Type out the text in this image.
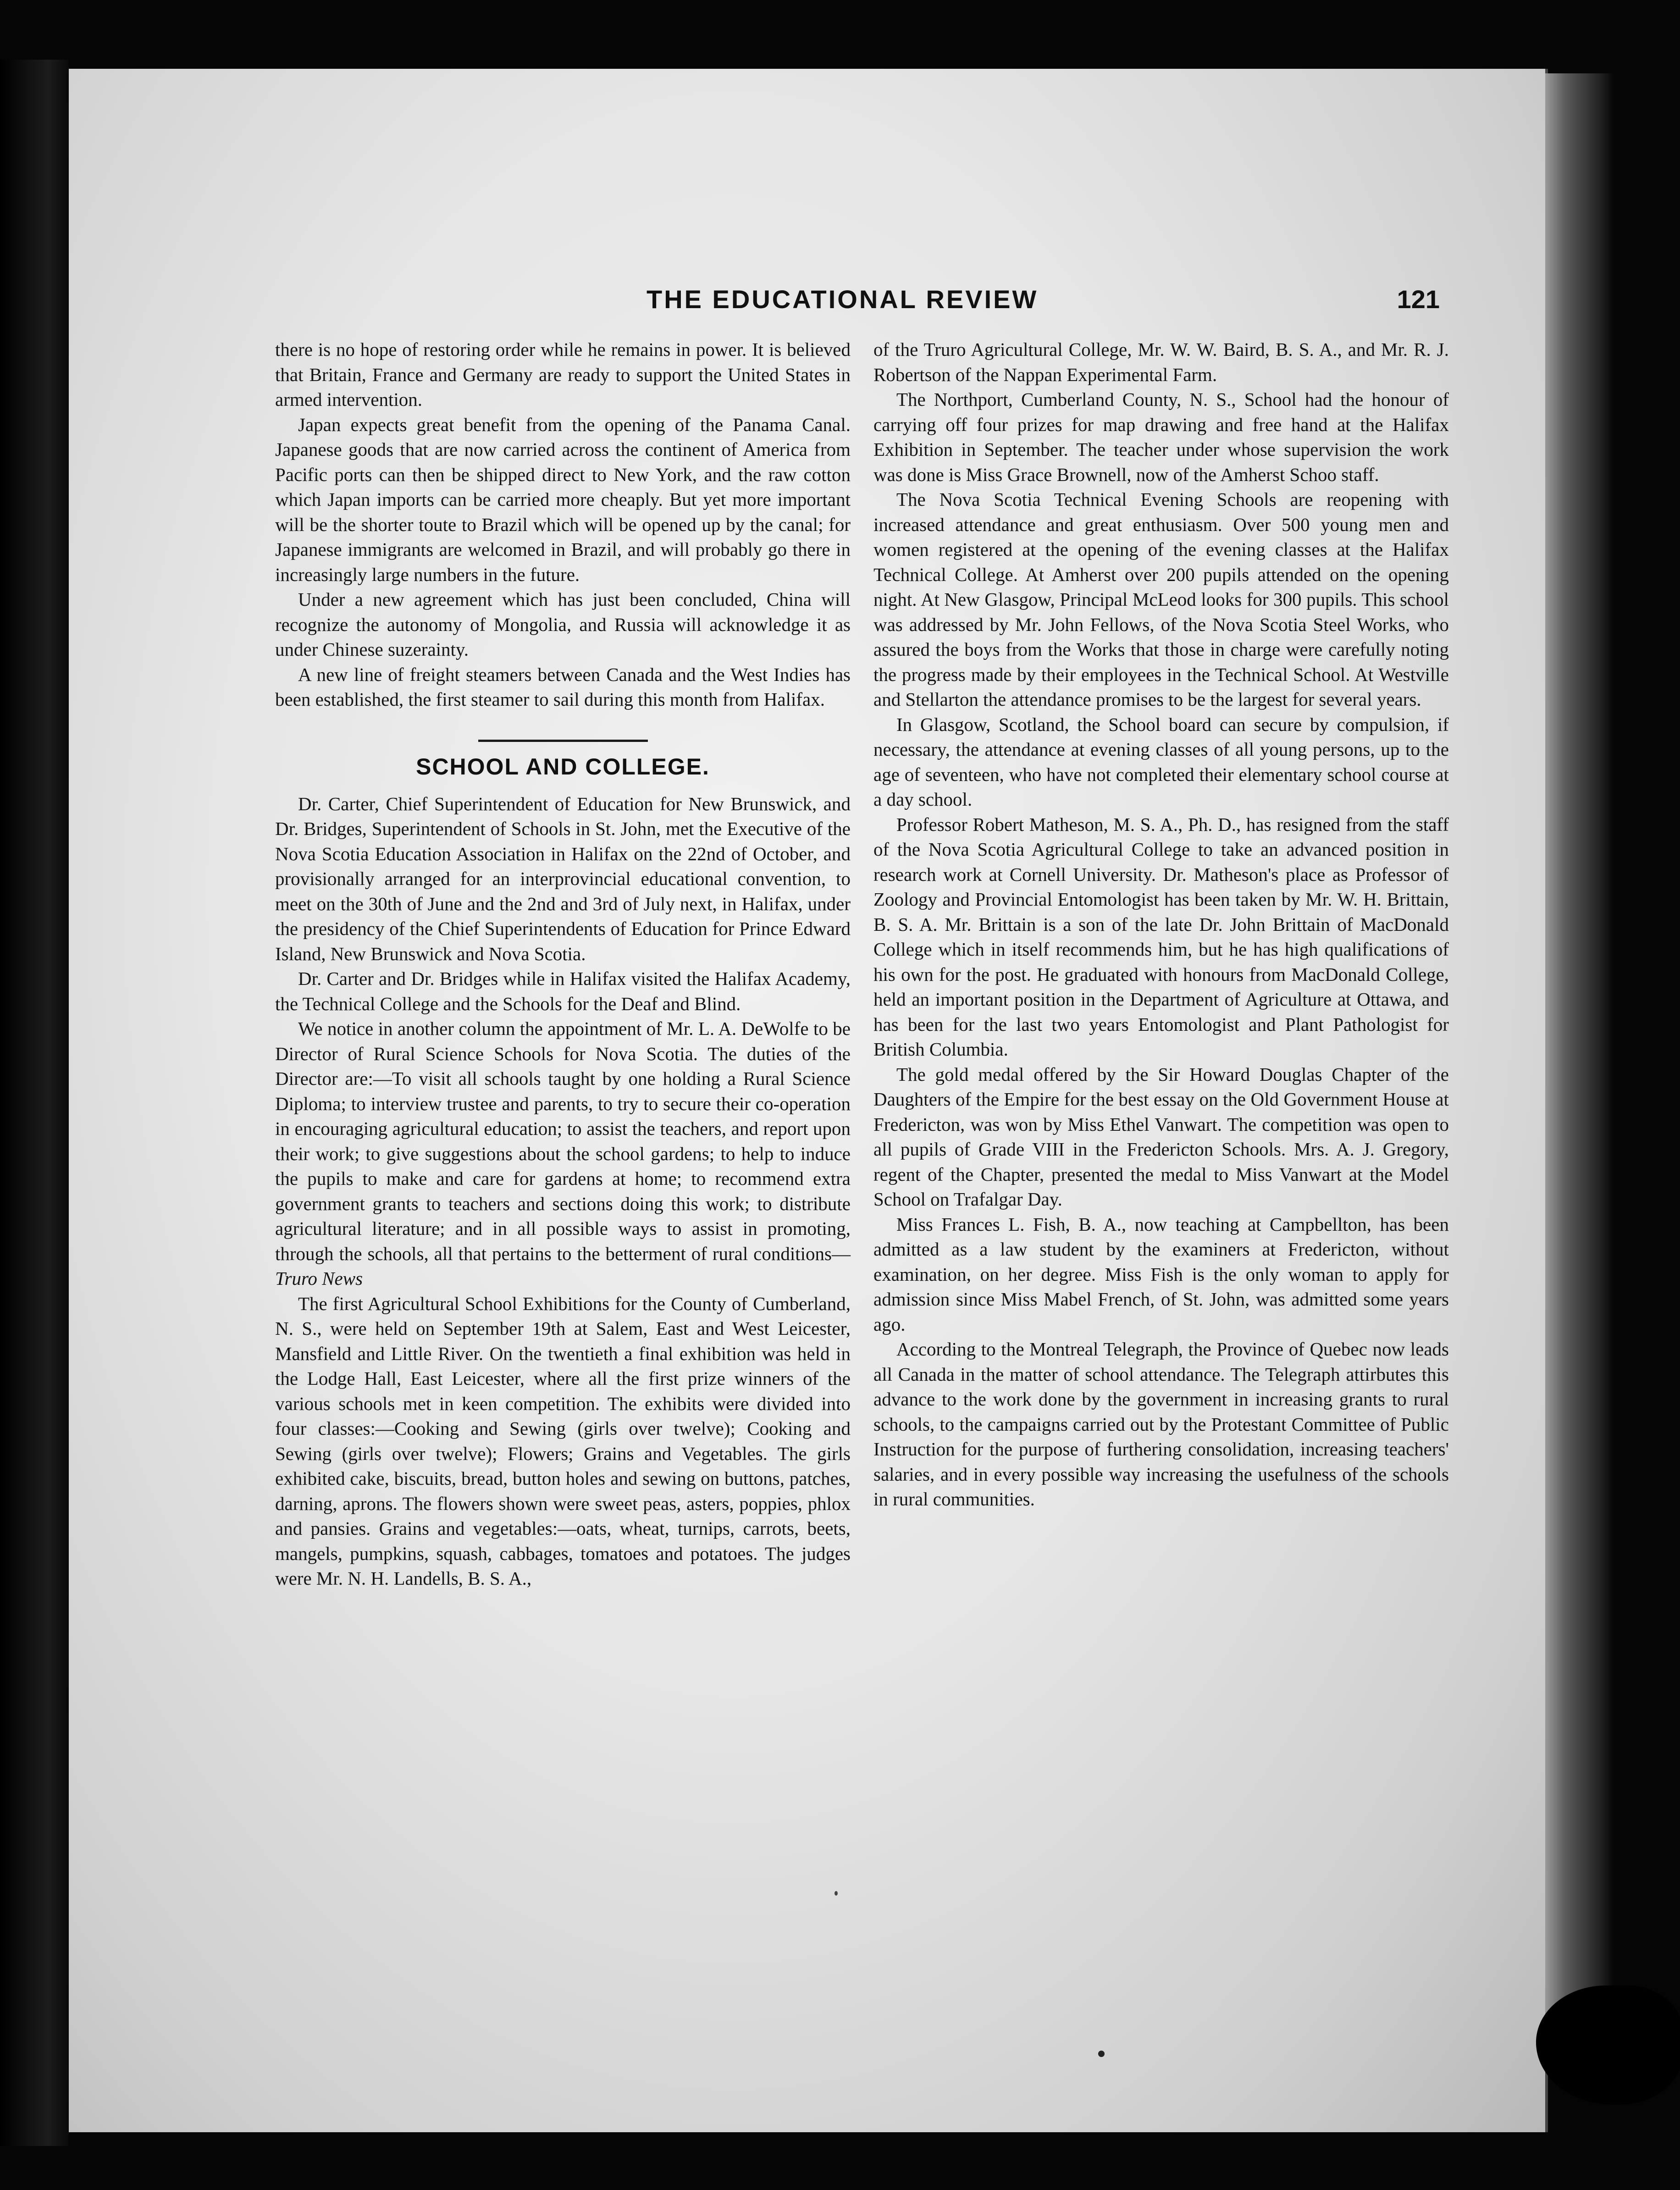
THE EDUCATIONAL REVIEW	121

there is no hope of restoring order while he remains in power. It is believed that Britain, France and Germany are ready to support the United States in armed intervention.

Japan expects great benefit from the opening of the Panama Canal. Japanese goods that are now carried across the continent of America from Pacific ports can then be shipped direct to New York, and the raw cotton which Japan imports can be carried more cheaply. But yet more important will be the shorter toute to Brazil which will be opened up by the canal; for Japanese immigrants are welcomed in Brazil, and will probably go there in increasingly large numbers in the future.

Under a new agreement which has just been concluded, China will recognize the autonomy of Mongolia, and Russia will acknowledge it as under Chinese suzerainty.

A new line of freight steamers between Canada and the West Indies has been established, the first steamer to sail during this month from Halifax.

SCHOOL AND COLLEGE.

Dr. Carter, Chief Superintendent of Education for New Brunswick, and Dr. Bridges, Superintendent of Schools in St. John, met the Executive of the Nova Scotia Education Association in Halifax on the 22nd of October, and provisionally arranged for an interprovincial educational convention, to meet on the 30th of June and the 2nd and 3rd of July next, in Halifax, under the presidency of the Chief Superintendents of Education for Prince Edward Island, New Brunswick and Nova Scotia.

Dr. Carter and Dr. Bridges while in Halifax visited the Halifax Academy, the Technical College and the Schools for the Deaf and Blind.

We notice in another column the appointment of Mr. L. A. DeWolfe to be Director of Rural Science Schools for Nova Scotia. The duties of the Director are:—To visit all schools taught by one holding a Rural Science Diploma; to interview trustee and parents, to try to secure their co-operation in encouraging agricultural education; to assist the teachers, and report upon their work; to give suggestions about the school gardens; to help to induce the pupils to make and care for gardens at home; to recommend extra government grants to teachers and sections doing this work; to distribute agricultural literature; and in all possible ways to assist in promoting, through the schools, all that pertains to the betterment of rural conditions—Truro News

The first Agricultural School Exhibitions for the County of Cumberland, N. S., were held on September 19th at Salem, East and West Leicester, Mansfield and Little River. On the twentieth a final exhibition was held in the Lodge Hall, East Leicester, where all the first prize winners of the various schools met in keen competition. The exhibits were divided into four classes:—Cooking and Sewing (girls over twelve); Cooking and Sewing (girls over twelve); Flowers; Grains and Vegetables. The girls exhibited cake, biscuits, bread, button holes and sewing on buttons, patches, darning, aprons. The flowers shown were sweet peas, asters, poppies, phlox and pansies. Grains and vegetables:—oats, wheat, turnips, carrots, beets, mangels, pumpkins, squash, cabbages, tomatoes and potatoes. The judges were Mr. N. H. Landells, B. S. A.,

of the Truro Agricultural College, Mr. W. W. Baird, B. S. A., and Mr. R. J. Robertson of the Nappan Experimental Farm.

The Northport, Cumberland County, N. S., School had the honour of carrying off four prizes for map drawing and free hand at the Halifax Exhibition in September. The teacher under whose supervision the work was done is Miss Grace Brownell, now of the Amherst Schoo staff.

The Nova Scotia Technical Evening Schools are reopening with increased attendance and great enthusiasm. Over 500 young men and women registered at the opening of the evening classes at the Halifax Technical College. At Amherst over 200 pupils attended on the opening night. At New Glasgow, Principal McLeod looks for 300 pupils. This school was addressed by Mr. John Fellows, of the Nova Scotia Steel Works, who assured the boys from the Works that those in charge were carefully noting the progress made by their employees in the Technical School. At Westville and Stellarton the attendance promises to be the largest for several years.

In Glasgow, Scotland, the School board can secure by compulsion, if necessary, the attendance at evening classes of all young persons, up to the age of seventeen, who have not completed their elementary school course at a day school.

Professor Robert Matheson, M. S. A., Ph. D., has resigned from the staff of the Nova Scotia Agricultural College to take an advanced position in research work at Cornell University. Dr. Matheson's place as Professor of Zoology and Provincial Entomologist has been taken by Mr. W. H. Brittain, B. S. A. Mr. Brittain is a son of the late Dr. John Brittain of MacDonald College which in itself recommends him, but he has high qualifications of his own for the post. He graduated with honours from MacDonald College, held an important position in the Department of Agriculture at Ottawa, and has been for the last two years Entomologist and Plant Pathologist for British Columbia.

The gold medal offered by the Sir Howard Douglas Chapter of the Daughters of the Empire for the best essay on the Old Government House at Fredericton, was won by Miss Ethel Vanwart. The competition was open to all pupils of Grade VIII in the Fredericton Schools. Mrs. A. J. Gregory, regent of the Chapter, presented the medal to Miss Vanwart at the Model School on Trafalgar Day.

Miss Frances L. Fish, B. A., now teaching at Campbellton, has been admitted as a law student by the examiners at Fredericton, without examination, on her degree. Miss Fish is the only woman to apply for admission since Miss Mabel French, of St. John, was admitted some years ago.

According to the Montreal Telegraph, the Province of Quebec now leads all Canada in the matter of school attendance. The Telegraph attirbutes this advance to the work done by the government in increasing grants to rural schools, to the campaigns carried out by the Protestant Committee of Public Instruction for the purpose of furthering consolidation, increasing teachers' salaries, and in every possible way increasing the usefulness of the schools in rural communities.
